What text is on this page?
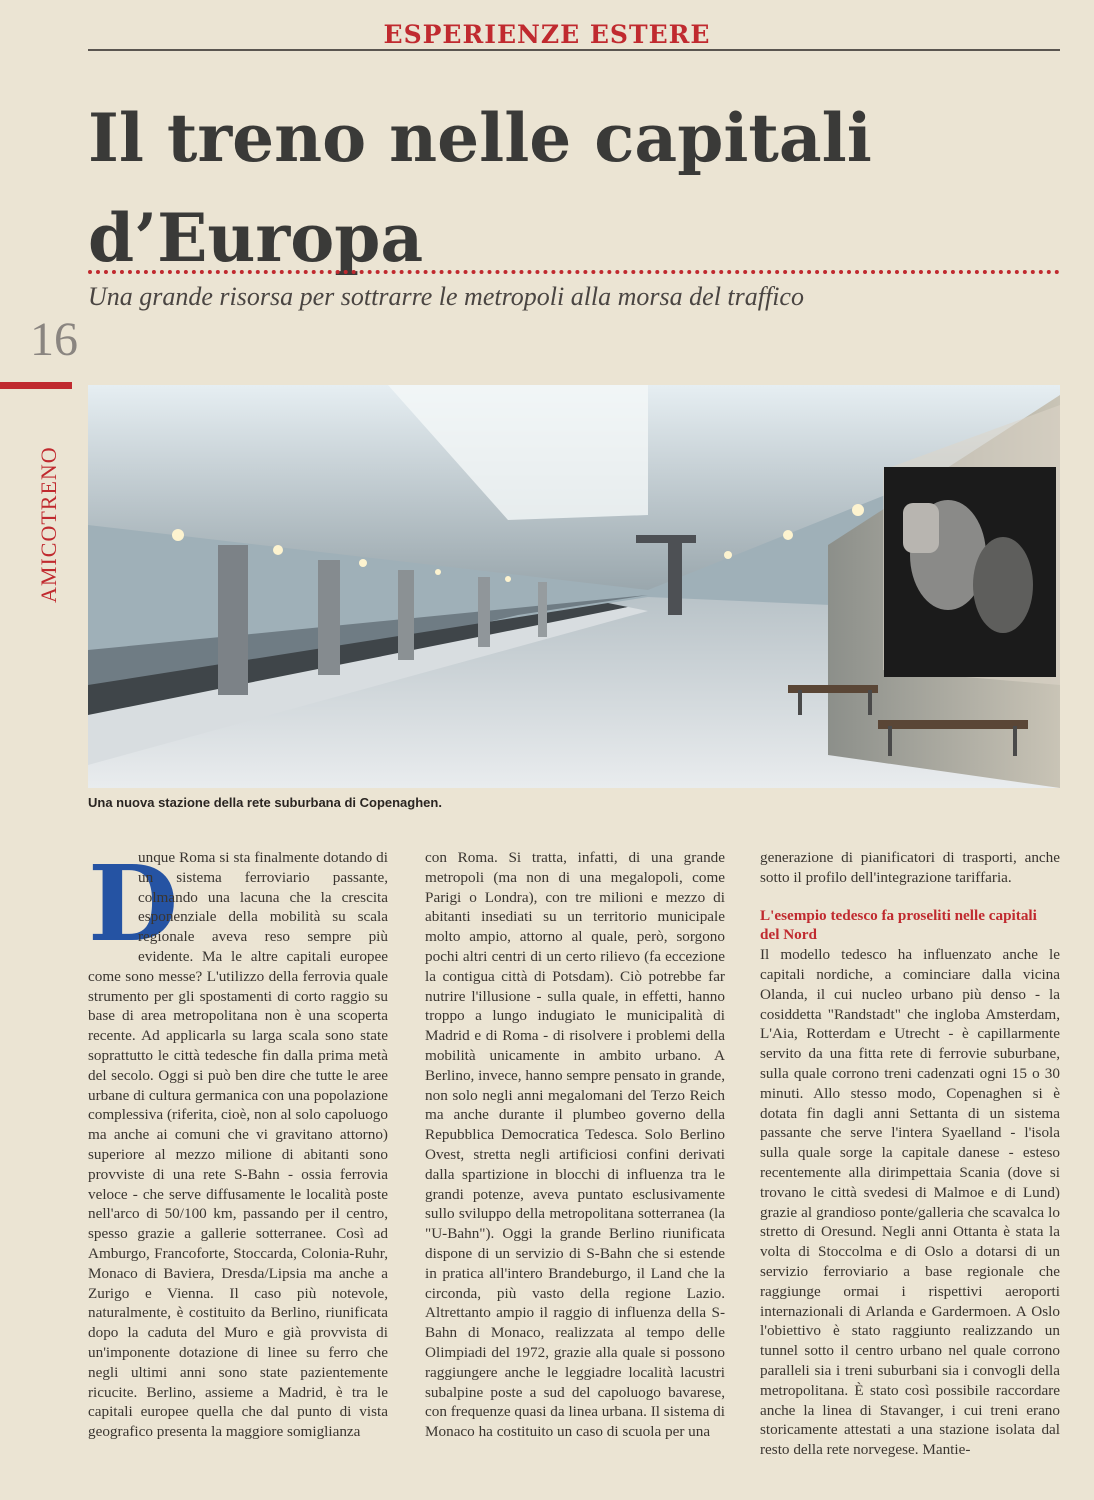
ESPERIENZE ESTERE
Il treno nelle capitali
d’Europa
Una grande risorsa per sottrarre le metropoli alla morsa del traffico
16
AMICOTRENO
Una nuova stazione della rete suburbana di Copenaghen.
D

unque Roma si sta finalmente dotando di un sistema ferroviario passante, colmando una lacuna che la crescita esponenziale della mobilità su scala regionale aveva reso sempre più evidente. Ma le altre capitali europee come sono messe? L'utilizzo della ferrovia quale strumento per gli spostamenti di corto raggio su base di area metropolitana non è una scoperta recente. Ad applicarla su larga scala sono state soprattutto le città tedesche fin dalla prima metà del secolo. Oggi si può ben dire che tutte le aree urbane di cultura germanica con una popolazione complessiva (riferita, cioè, non al solo capoluogo ma anche ai comuni che vi gravitano attorno) superiore al mezzo milione di abitanti sono provviste di una rete S-Bahn - ossia ferrovia veloce - che serve diffusamente le località poste nell'arco di 50/100 km, passando per il centro, spesso grazie a gallerie sotterranee. Così ad Amburgo, Francoforte, Stoccarda, Colonia-Ruhr, Monaco di Baviera, Dresda/Lipsia ma anche a Zurigo e Vienna. Il caso più notevole, naturalmente, è costituito da Berlino, riunificata dopo la caduta del Muro e già provvista di un'imponente dotazione di linee su ferro che negli ultimi anni sono state pazientemente ricucite. Berlino, assieme a Madrid, è tra le capitali europee quella che dal punto di vista geografico presenta la maggiore somiglianza

con Roma. Si tratta, infatti, di una grande metropoli (ma non di una megalopoli, come Parigi o Londra), con tre milioni e mezzo di abitanti insediati su un territorio municipale molto ampio, attorno al quale, però, sorgono pochi altri centri di un certo rilievo (fa eccezione la contigua città di Potsdam). Ciò potrebbe far nutrire l'illusione - sulla quale, in effetti, hanno troppo a lungo indugiato le municipalità di Madrid e di Roma - di risolvere i problemi della mobilità unicamente in ambito urbano. A Berlino, invece, hanno sempre pensato in grande, non solo negli anni megalomani del Terzo Reich ma anche durante il plumbeo governo della Repubblica Democratica Tedesca. Solo Berlino Ovest, stretta negli artificiosi confini derivati dalla spartizione in blocchi di influenza tra le grandi potenze, aveva puntato esclusivamente sullo sviluppo della metropolitana sotterranea (la "U-Bahn"). Oggi la grande Berlino riunificata dispone di un servizio di S-Bahn che si estende in pratica all'intero Brandeburgo, il Land che la circonda, più vasto della regione Lazio. Altrettanto ampio il raggio di influenza della S-Bahn di Monaco, realizzata al tempo delle Olimpiadi del 1972, grazie alla quale si possono raggiungere anche le leggiadre località lacustri subalpine poste a sud del capoluogo bavarese, con frequenze quasi da linea urbana. Il sistema di Monaco ha costituito un caso di scuola per una

generazione di pianificatori di trasporti, anche sotto il profilo dell'integrazione tariffaria.

L'esempio tedesco fa proseliti nelle capitali del Nord

Il modello tedesco ha influenzato anche le capitali nordiche, a cominciare dalla vicina Olanda, il cui nucleo urbano più denso - la cosiddetta "Randstadt" che ingloba Amsterdam, L'Aia, Rotterdam e Utrecht - è capillarmente servito da una fitta rete di ferrovie suburbane, sulla quale corrono treni cadenzati ogni 15 o 30 minuti. Allo stesso modo, Copenaghen si è dotata fin dagli anni Settanta di un sistema passante che serve l'intera Syaelland - l'isola sulla quale sorge la capitale danese - esteso recentemente alla dirimpettaia Scania (dove si trovano le città svedesi di Malmoe e di Lund) grazie al grandioso ponte/galleria che scavalca lo stretto di Oresund. Negli anni Ottanta è stata la volta di Stoccolma e di Oslo a dotarsi di un servizio ferroviario a base regionale che raggiunge ormai i rispettivi aeroporti internazionali di Arlanda e Gardermoen. A Oslo l'obiettivo è stato raggiunto realizzando un tunnel sotto il centro urbano nel quale corrono paralleli sia i treni suburbani sia i convogli della metropolitana. È stato così possibile raccordare anche la linea di Stavanger, i cui treni erano storicamente attestati a una stazione isolata dal resto della rete norvegese. Mantie-
